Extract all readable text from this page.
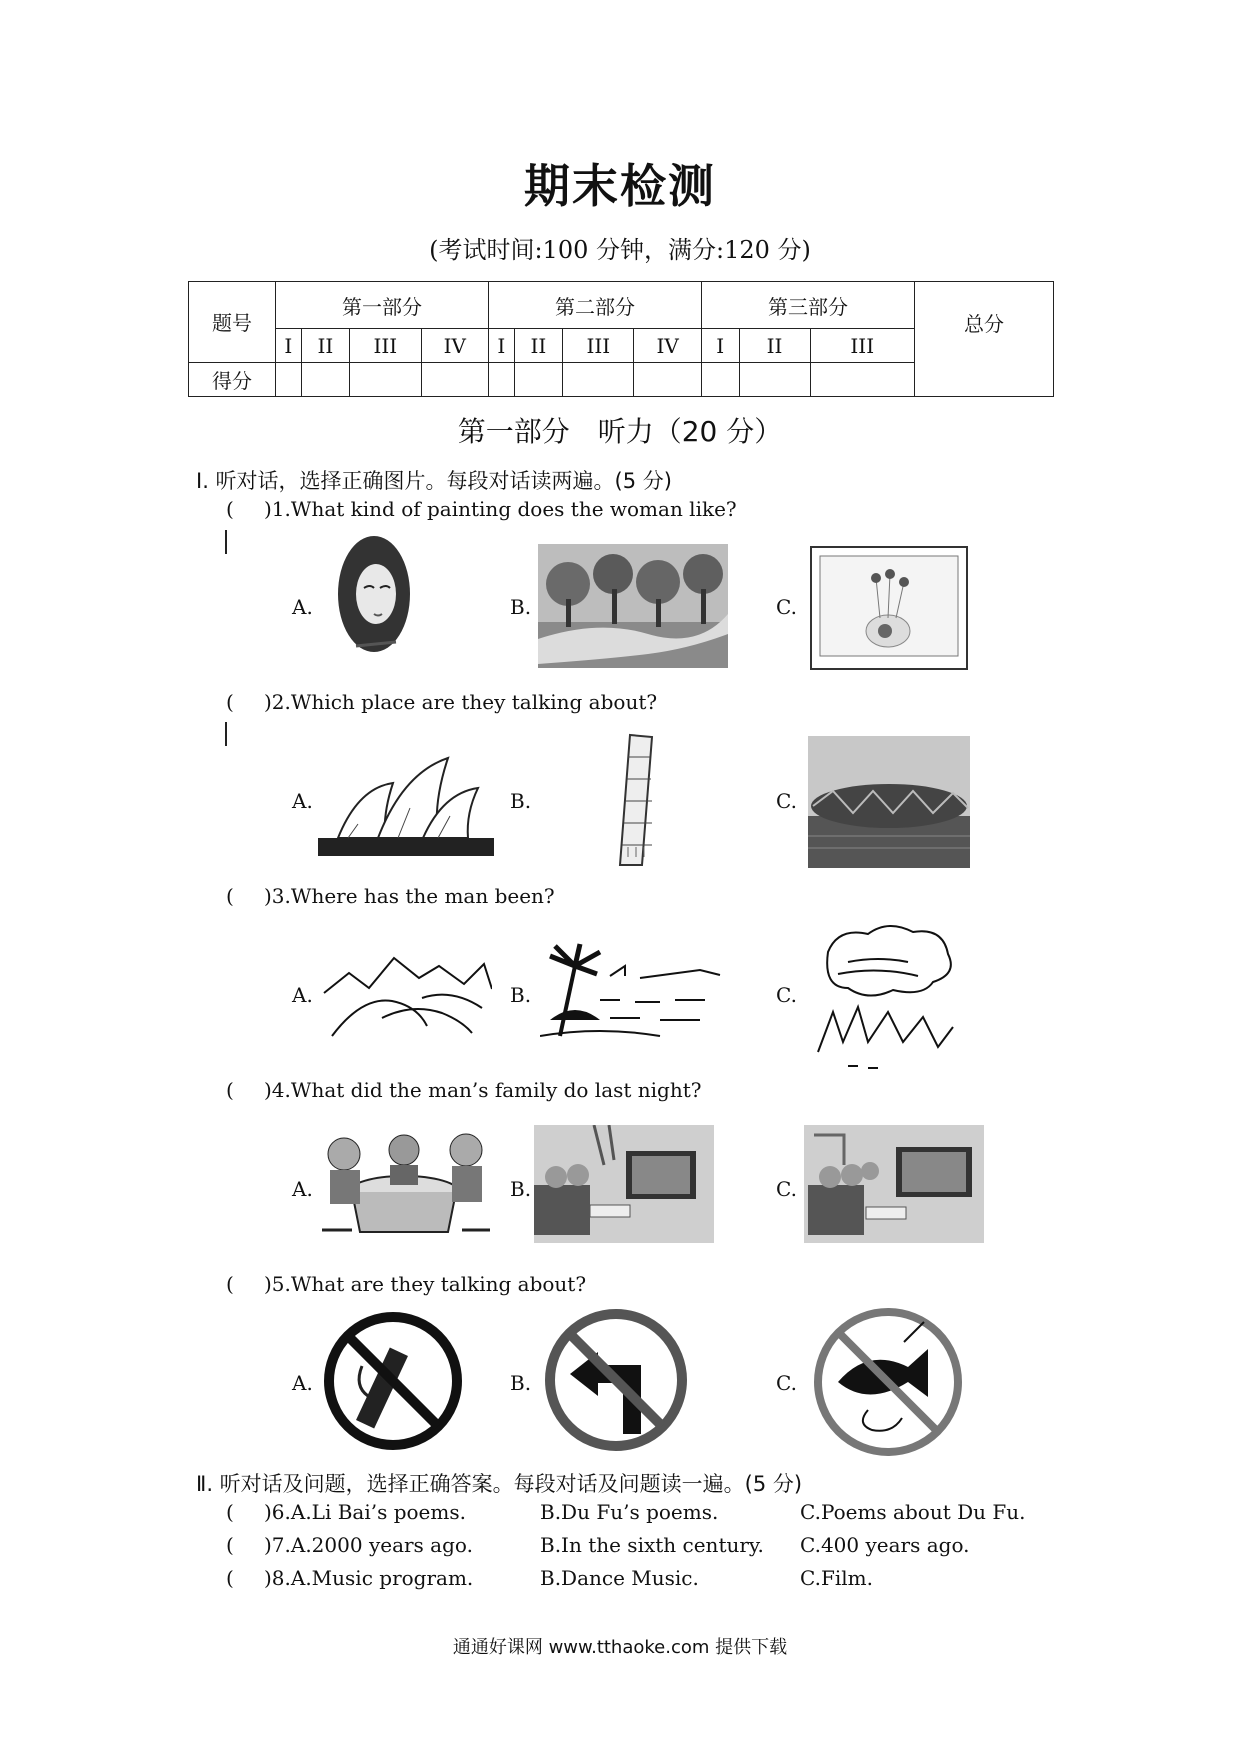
期末检测
(考试时间:100 分钟，满分:120 分)
题号	第一部分				第二部分				第三部分			总分
	I	II	III	IV	I	II	III	IV	I	II	III	
得分												
第一部分　听力（20 分）
Ⅰ. 听对话，选择正确图片。每段对话读两遍。(5 分)
( )1.What kind of painting does the woman like?
A.	B.	C.
( )2.Which place are they talking about?
A.	B.	C.
( )3.Where has the man been?
A.	B.	C.
( )4.What did the man’s family do last night?
A.	B.	C.
( )5.What are they talking about?
A.	B.	C.
Ⅱ. 听对话及问题，选择正确答案。每段对话及问题读一遍。(5 分)
( )6.A.Li Bai’s poems.	B.Du Fu’s poems.	C.Poems about Du Fu.
( )7.A.2000 years ago.	B.In the sixth century. C.400 years ago.
( )8.A.Music program.	B.Dance Music.	C.Film.
通通好课网 www.tthaoke.com 提供下载
